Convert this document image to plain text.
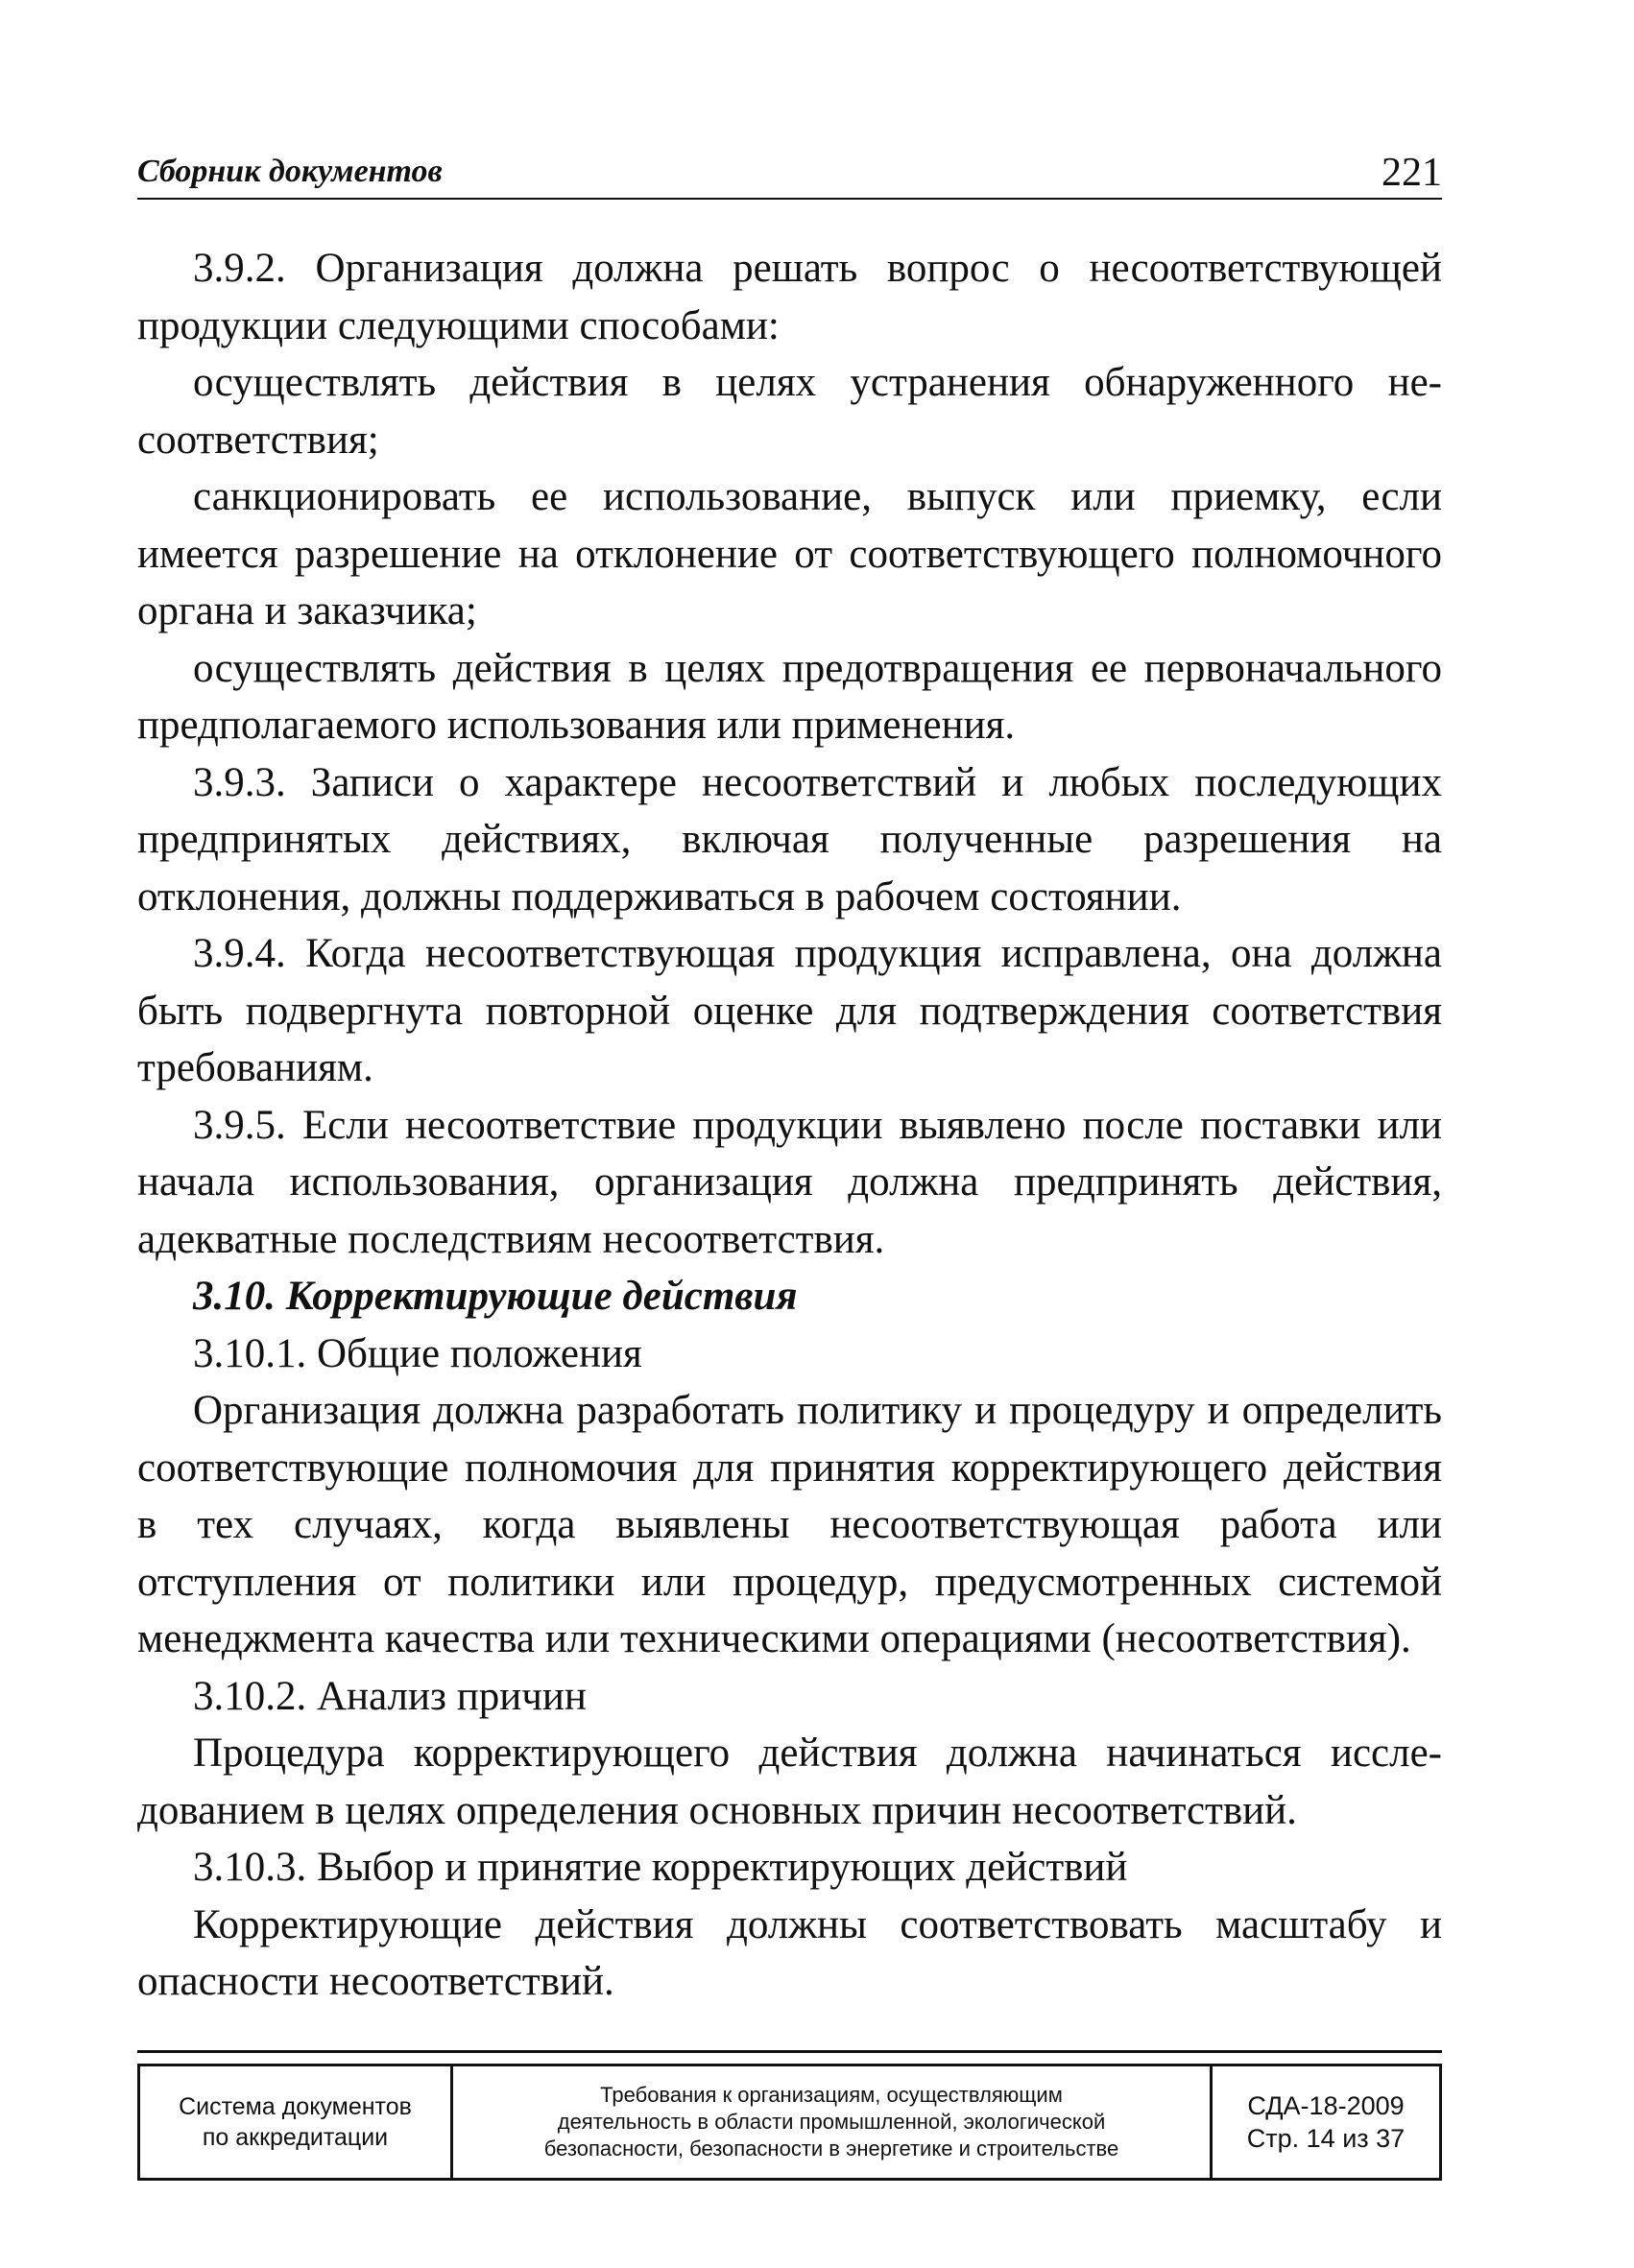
Сборник документов	221

3.9.2. Организация должна решать вопрос о несоответствующей продукции следующими способами:

осуществлять действия в целях устранения обнаруженного несоответствия;

санкционировать ее использование, выпуск или приемку, если имеется разрешение на отклонение от соответствующего полномочного органа и заказчика;

осуществлять действия в целях предотвращения ее первоначального предполагаемого использования или применения.

3.9.3. Записи о характере несоответствий и любых последующих предпринятых действиях, включая полученные разрешения на отклонения, должны поддерживаться в рабочем состоянии.

3.9.4. Когда несоответствующая продукция исправлена, она должна быть подвергнута повторной оценке для подтверждения соответствия требованиям.

3.9.5. Если несоответствие продукции выявлено после поставки или начала использования, организация должна предпринять действия, адекватные последствиям несоответствия.

3.10. Корректирующие действия

3.10.1. Общие положения

Организация должна разработать политику и процедуру и определить соответствующие полномочия для принятия корректирующего действия в тех случаях, когда выявлены несоответствующая работа или отступления от политики или процедур, предусмотренных системой менеджмента качества или техническими операциями (несоответствия).

3.10.2. Анализ причин

Процедура корректирующего действия должна начинаться исследованием в целях определения основных причин несоответствий.

3.10.3. Выбор и принятие корректирующих действий

Корректирующие действия должны соответствовать масштабу и опасности несоответствий.

Система документов
по аккредитации
Требования к организациям, осуществляющим
деятельность в области промышленной, экологической
безопасности, безопасности в энергетике и строительстве
СДА-18-2009
Стр. 14 из 37
